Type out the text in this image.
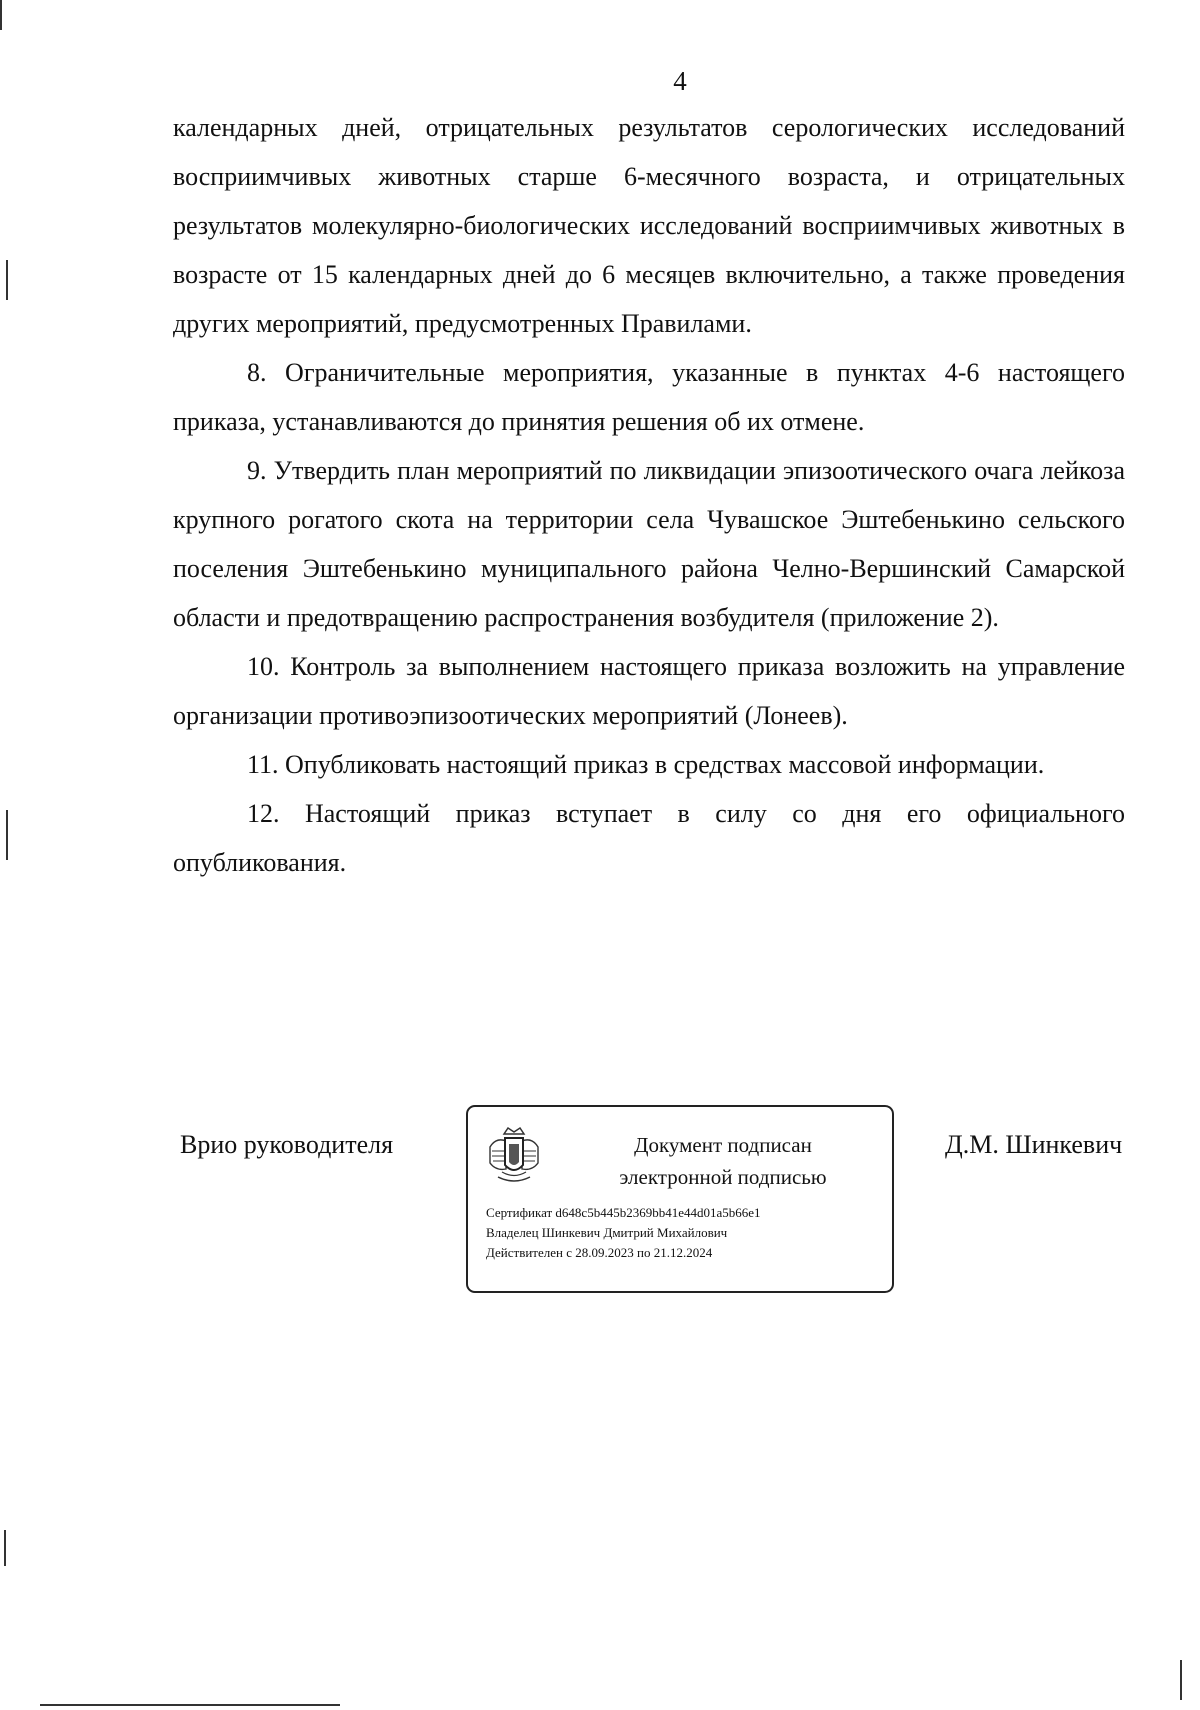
4

календарных дней, отрицательных результатов серологических исследований восприимчивых животных старше 6-месячного возраста, и отрицательных результатов молекулярно-биологических исследований восприимчивых животных в возрасте от 15 календарных дней до 6 месяцев включительно, а также проведения других мероприятий, предусмотренных Правилами.

8. Ограничительные мероприятия, указанные в пунктах 4-6 настоящего приказа, устанавливаются до принятия решения об их отмене.

9. Утвердить план мероприятий по ликвидации эпизоотического очага лейкоза крупного рогатого скота на территории села Чувашское Эштебенькино сельского поселения Эштебенькино муниципального района Челно-Вершинский Самарской области и предотвращению распространения возбудителя (приложение 2).

10. Контроль за выполнением настоящего приказа возложить на управление организации противоэпизоотических мероприятий (Лонеев).

11. Опубликовать настоящий приказ в средствах массовой информации.

12. Настоящий приказ вступает в силу со дня его официального опубликования.

Врио руководителя	Документ подписан
электронной подписью
Сертификат d648c5b445b2369bb41e44d01a5b66e1
Владелец Шинкевич Дмитрий Михайлович
Действителен с 28.09.2023 по 21.12.2024
Д.М. Шинкевич
